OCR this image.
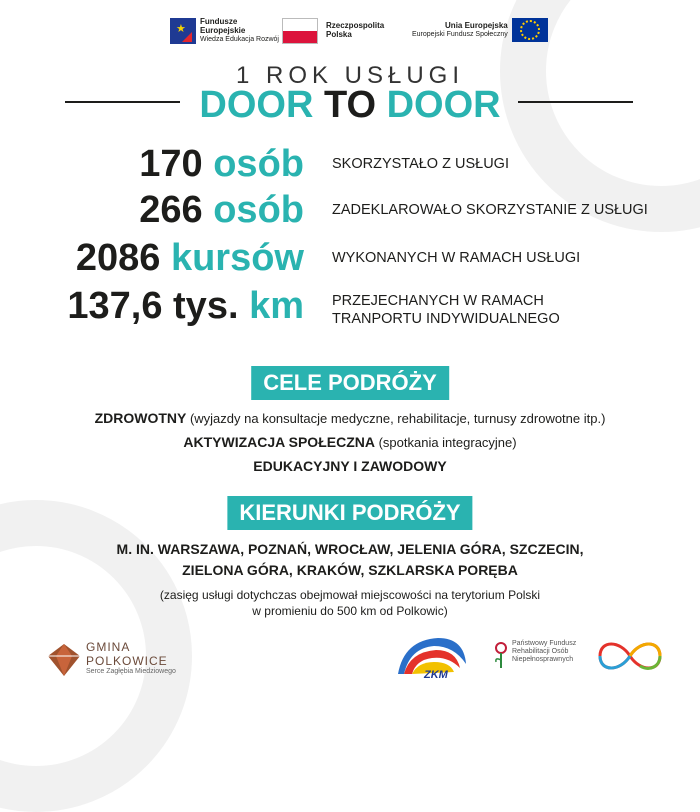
★
Fundusze
Europejskie
Wiedza Edukacja Rozwój
Rzeczpospolita
Polska
Unia Europejska
Europejski Fundusz Społeczny
1 ROK USŁUGI
DOOR TO DOOR
170 osób SKORZYSTAŁO Z USŁUGI
266 osób ZADEKLAROWAŁO SKORZYSTANIE Z USŁUGI
2086 kursów WYKONANYCH W RAMACH USŁUGI
137,6 tys. km PRZEJECHANYCH W RAMACH
TRANPORTU INDYWIDUALNEGO
CELE PODRÓŻY
ZDROWOTNY (wyjazdy na konsultacje medyczne, rehabilitacje, turnusy zdrowotne itp.)
AKTYWIZACJA SPOŁECZNA (spotkania integracyjne)
EDUKACYJNY I ZAWODOWY
KIERUNKI PODRÓŻY
M. IN. WARSZAWA, POZNAŃ, WROCŁAW, JELENIA GÓRA, SZCZECIN,
ZIELONA GÓRA, KRAKÓW, SZKLARSKA PORĘBA
(zasięg usługi dotychczas obejmował miejscowości na terytorium Polski
w promieniu do 500 km od Polkowic)
GMINA
POLKOWICE
Serce Zagłębia Miedziowego	ZKM
Państwowy Fundusz
Rehabilitacji Osób
Niepełnosprawnych
